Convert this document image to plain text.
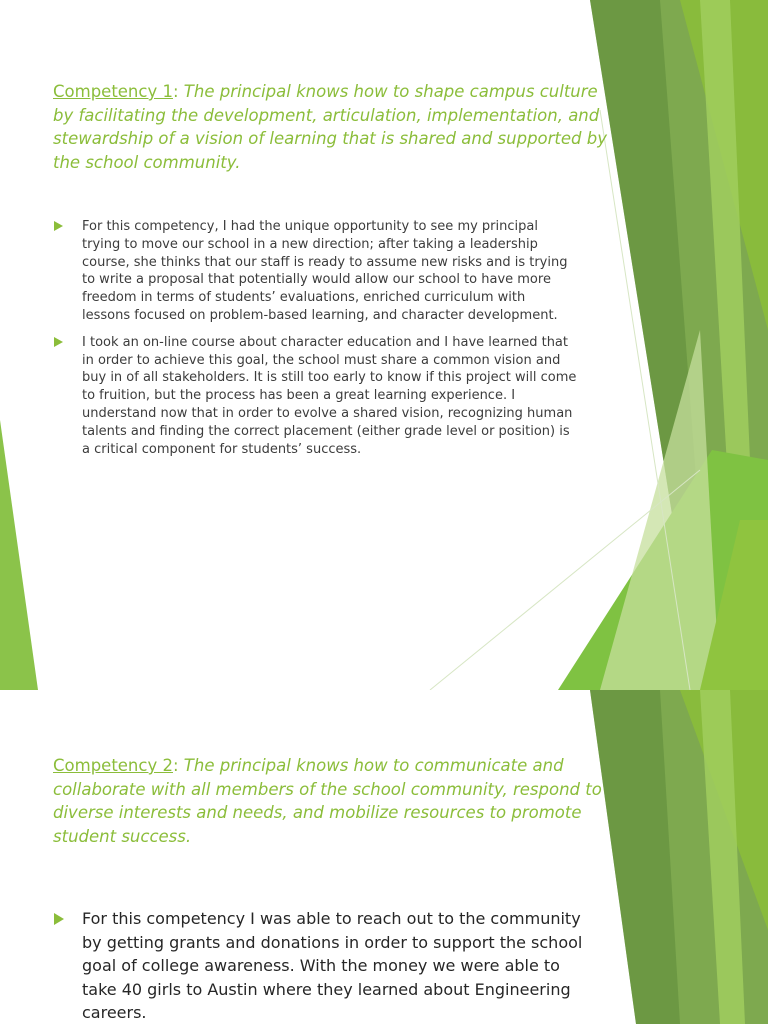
Competency 1: The principal knows how to shape campus culture by facilitating the development, articulation, implementation, and stewardship of a vision of learning that is shared and supported by the school community.

For this competency, I had the unique opportunity to see my principal trying to move our school in a new direction; after taking a leadership course, she thinks that our staff is ready to assume new risks and is trying to write a proposal that potentially would allow our school to have more freedom in terms of students’ evaluations, enriched curriculum with lessons focused on problem-based learning, and character development.
I took an on-line course about character education and I have learned that in order to achieve this goal, the school must share a common vision and buy in of all stakeholders. It is still too early to know if this project will come to fruition, but the process has been a great learning experience. I understand now that in order to evolve a shared vision, recognizing human talents and finding the correct placement (either grade level or position) is a critical component for students’ success.

Competency 2: The principal knows how to communicate and collaborate with all members of the school community, respond to diverse interests and needs, and mobilize resources to promote student success.

For this competency I was able to reach out to the community by getting grants and donations in order to support the school goal of college awareness. With the money we were able to take 40 girls to Austin where they learned about Engineering careers.
